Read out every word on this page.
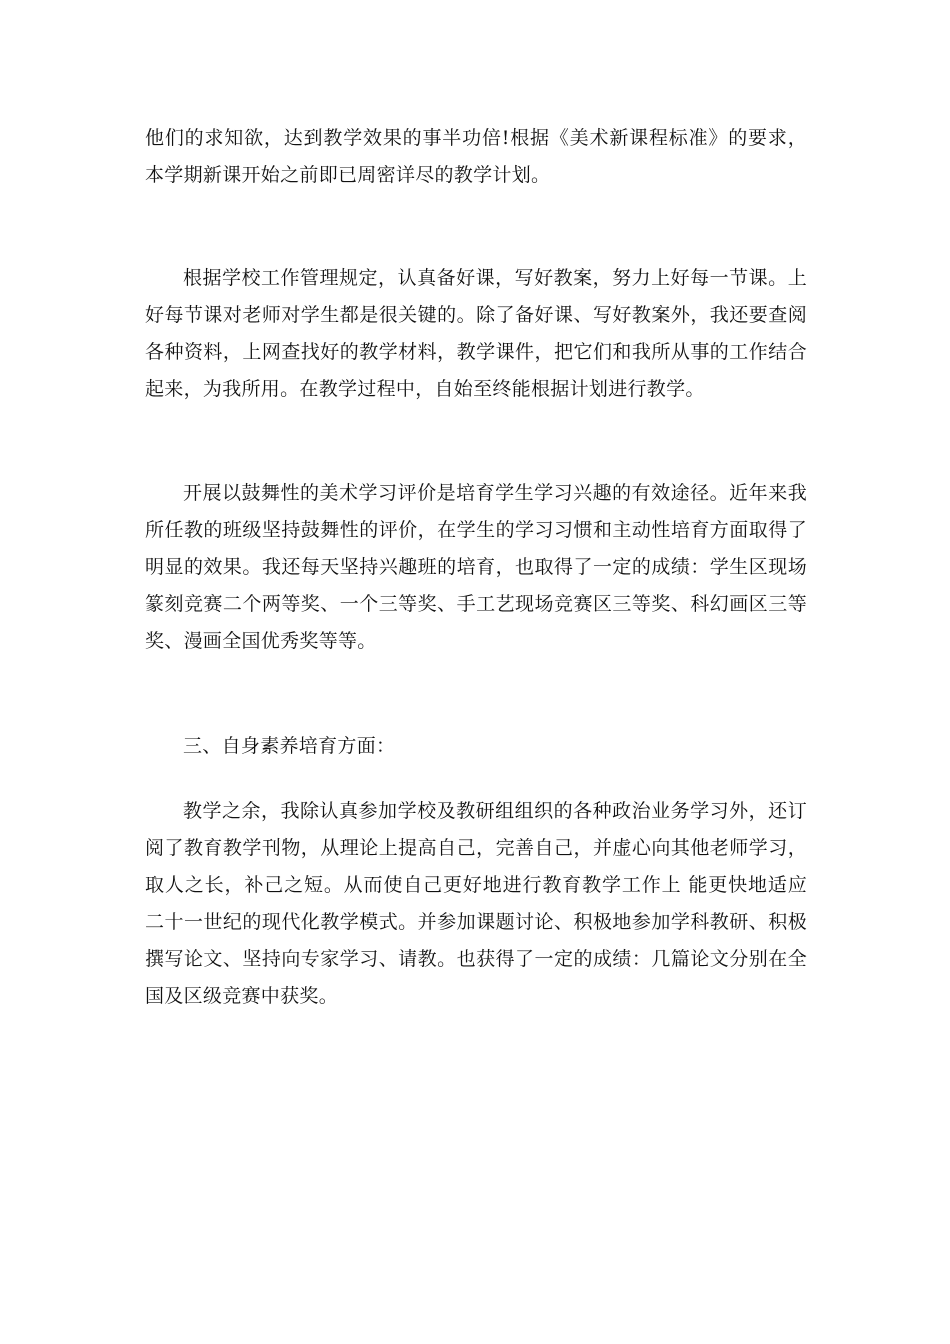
他们的求知欲，达到教学效果的事半功倍!根据《美术新课程标准》的要求，本学期新课开始之前即已周密详尽的教学计划。

根据学校工作管理规定，认真备好课，写好教案，努力上好每一节课。上好每节课对老师对学生都是很关键的。除了备好课、写好教案外，我还要查阅各种资料，上网查找好的教学材料，教学课件，把它们和我所从事的工作结合起来，为我所用。在教学过程中，自始至终能根据计划进行教学。

开展以鼓舞性的美术学习评价是培育学生学习兴趣的有效途径。近年来我所任教的班级坚持鼓舞性的评价，在学生的学习习惯和主动性培育方面取得了明显的效果。我还每天坚持兴趣班的培育，也取得了一定的成绩：学生区现场篆刻竞赛二个两等奖、一个三等奖、手工艺现场竞赛区三等奖、科幻画区三等奖、漫画全国优秀奖等等。

三、自身素养培育方面：

教学之余，我除认真参加学校及教研组组织的各种政治业务学习外，还订阅了教育教学刊物，从理论上提高自己，完善自己，并虚心向其他老师学习，取人之长，补己之短。从而使自己更好地进行教育教学工作上 能更快地适应二十一世纪的现代化教学模式。并参加课题讨论、积极地参加学科教研、积极撰写论文、坚持向专家学习、请教。也获得了一定的成绩：几篇论文分别在全国及区级竞赛中获奖。
